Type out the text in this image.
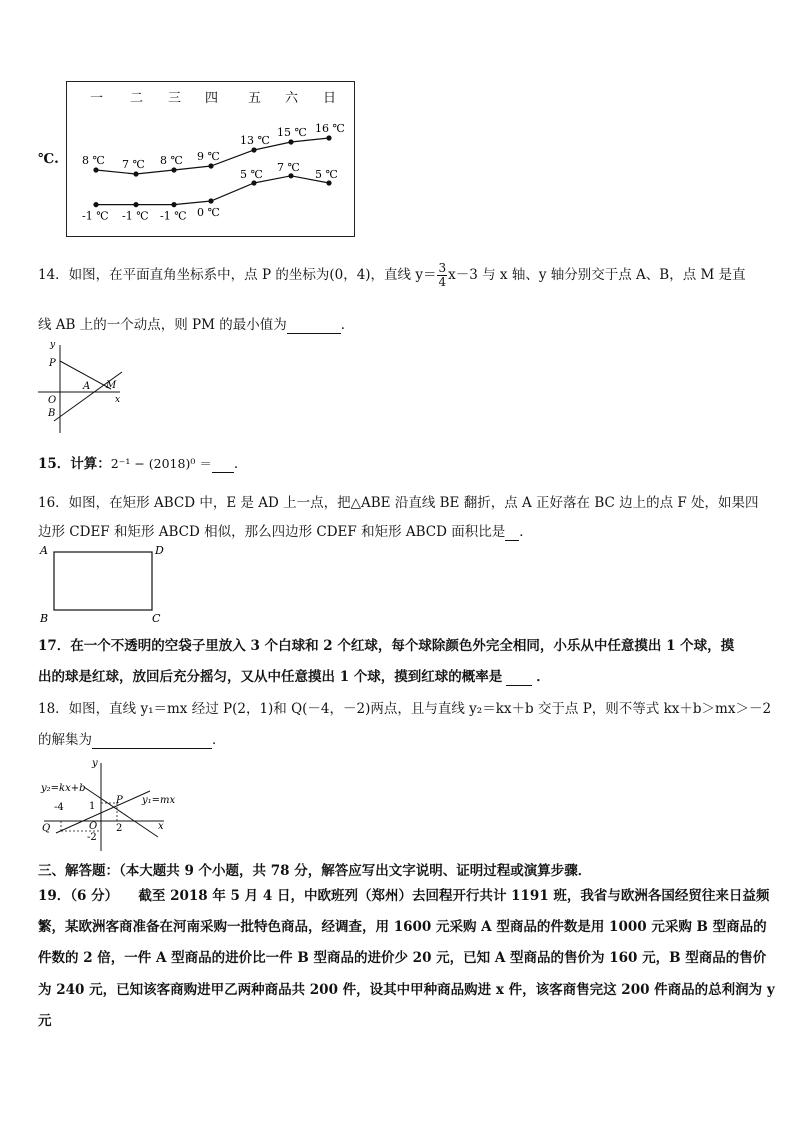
℃.
一 二 三 四 五 六 日
8 ℃ 7 ℃ 8 ℃ 9 ℃
13 ℃
15 ℃ 16 ℃
-1 ℃ -1 ℃ -1 ℃ 0 ℃
5 ℃
7 ℃
5 ℃
14．如图，在平面直角坐标系中，点 P 的坐标为(0，4)，直线 $y= \frac{3}{4} x-3$ 与 x 轴、y 轴分别交于点 A、B，点 M 是直
线 AB 上的一个动点，则 PM 的最小值为	．
y
P
A M
O	x
B
15．计算：2⁻¹ − (2018)⁰ ＝ ．
16．如图，在矩形 ABCD 中，E 是 AD 上一点，把△ABE 沿直线 BE 翻折，点 A 正好落在 BC 边上的点 F 处，如果四
边形 CDEF 和矩形 ABCD 相似，那么四边形 CDEF 和矩形 ABCD 面积比是 ．
A	D
B	C
17．在一个不透明的空袋子里放入 3 个白球和 2 个红球，每个球除颜色外完全相同，小乐从中任意摸出 1 个球，摸
出的球是红球，放回后充分摇匀，又从中任意摸出 1 个球，摸到红球的概率是	．
18．如图，直线 y₁＝mx 经过 P(2，1)和 Q(－4，－2)两点，且与直线 y₂＝kx＋b 交于点 P，则不等式 kx＋b＞mx＞－2
的解集为	．
y
y₂=kx+b
P y₁=mx
-4	1
Q	O 2	x
-2
三、解答题：（本大题共 9 个小题，共 78 分，解答应写出文字说明、证明过程或演算步骤．
19．（6 分）　　截至 2018 年 5 月 4 日，中欧班列（郑州）去回程开行共计 1191 班，我省与欧洲各国经贸往来日益频
繁，某欧洲客商准备在河南采购一批特色商品，经调查，用 1600 元采购 A 型商品的件数是用 1000 元采购 B 型商品的
件数的 2 倍，一件 A 型商品的进价比一件 B 型商品的进价少 20 元，已知 A 型商品的售价为 160 元，B 型商品的售价
为 240 元，已知该客商购进甲乙两种商品共 200 件，设其中甲种商品购进 x 件，该客商售完这 200 件商品的总利润为 y
元
